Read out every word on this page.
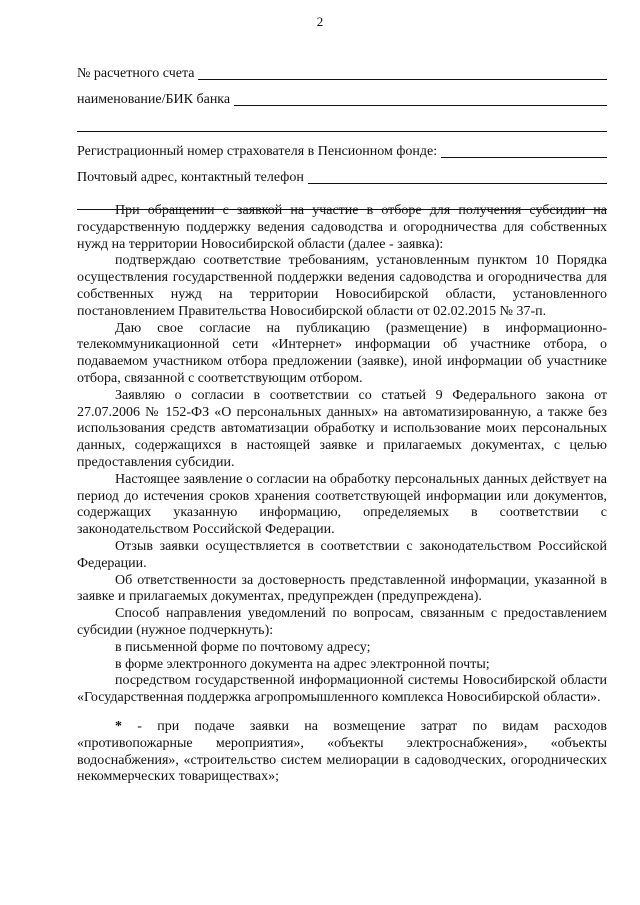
2
№ расчетного счета
наименование/БИК банка
Регистрационный номер страхователя в Пенсионном фонде:
Почтовый адрес, контактный телефон

При обращении с заявкой на участие в отборе для получения субсидии на государственную поддержку ведения садоводства и огородничества для собственных нужд на территории Новосибирской области (далее - заявка):

подтверждаю соответствие требованиям, установленным пунктом 10 Порядка осуществления государственной поддержки ведения садоводства и огородничества для собственных нужд на территории Новосибирской области, установленного постановлением Правительства Новосибирской области от 02.02.2015 № 37-п.

Даю свое согласие на публикацию (размещение) в информационно-телекоммуникационной сети «Интернет» информации об участнике отбора, о подаваемом участником отбора предложении (заявке), иной информации об участнике отбора, связанной с соответствующим отбором.

Заявляю о согласии в соответствии со статьей 9 Федерального закона от 27.07.2006 № 152-ФЗ «О персональных данных» на автоматизированную, а также без использования средств автоматизации обработку и использование моих персональных данных, содержащихся в настоящей заявке и прилагаемых документах, с целью предоставления субсидии.

Настоящее заявление о согласии на обработку персональных данных действует на период до истечения сроков хранения соответствующей информации или документов, содержащих указанную информацию, определяемых в соответствии с законодательством Российской Федерации.

Отзыв заявки осуществляется в соответствии с законодательством Российской Федерации.

Об ответственности за достоверность представленной информации, указанной в заявке и прилагаемых документах, предупрежден (предупреждена).

Способ направления уведомлений по вопросам, связанным с предоставлением субсидии (нужное подчеркнуть):

в письменной форме по почтовому адресу;

в форме электронного документа на адрес электронной почты;

посредством государственной информационной системы Новосибирской области «Государственная поддержка агропромышленного комплекса Новосибирской области».

* - при подаче заявки на возмещение затрат по видам расходов «противопожарные мероприятия», «объекты электроснабжения», «объекты водоснабжения», «строительство систем мелиорации в садоводческих, огороднических некоммерческих товариществах»;
